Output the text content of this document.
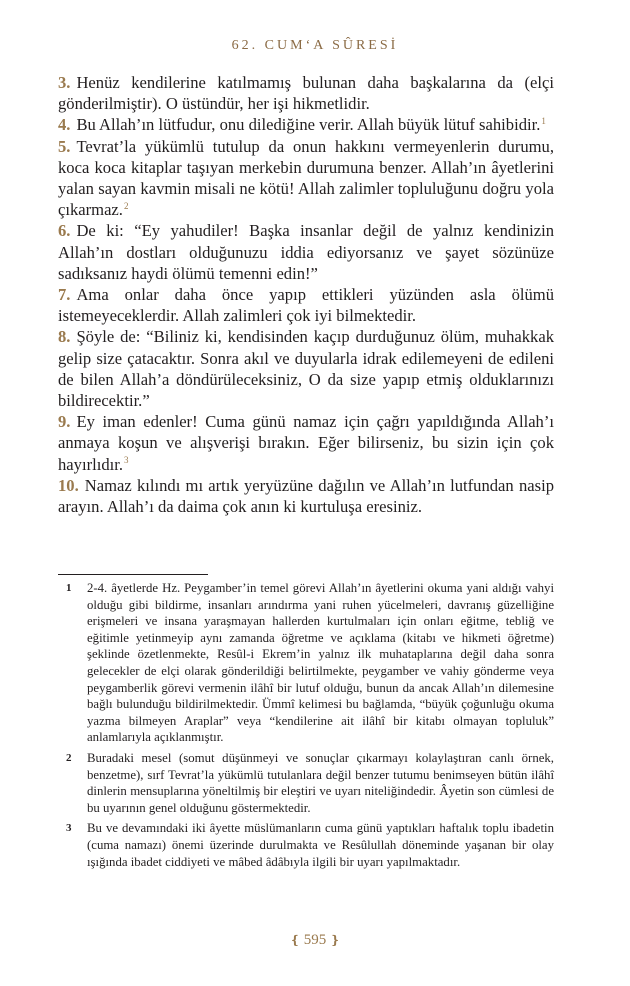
62. CUM‘A SÛRESİ

3. Henüz kendilerine katılmamış bulunan daha başkalarına da (elçi gönderilmiştir). O üstündür, her işi hikmetlidir.

4. Bu Allah’ın lütfudur, onu dilediğine verir. Allah büyük lütuf sahibidir.$^1$

5. Tevrat’la yükümlü tutulup da onun hakkını vermeyenlerin durumu, koca koca kitaplar taşıyan merkebin durumuna benzer. Allah’ın âyetlerini yalan sayan kavmin misali ne kötü! Allah zalimler topluluğunu doğru yola çıkarmaz.$^2$

6. De ki: “Ey yahudiler! Başka insanlar değil de yalnız kendinizin Allah’ın dostları olduğunuzu iddia ediyorsanız ve şayet sözünüze sadıksanız haydi ölümü temenni edin!”

7. Ama onlar daha önce yapıp ettikleri yüzünden asla ölümü istemeyeceklerdir. Allah zalimleri çok iyi bilmektedir.

8. Şöyle de: “Biliniz ki, kendisinden kaçıp durduğunuz ölüm, muhakkak gelip size çatacaktır. Sonra akıl ve duyularla idrak edilemeyeni de edileni de bilen Allah’a döndürüleceksiniz, O da size yapıp etmiş olduklarınızı bildirecektir.”

9. Ey iman edenler! Cuma günü namaz için çağrı yapıldığında Allah’ı anmaya koşun ve alışverişi bırakın. Eğer bilirseniz, bu sizin için çok hayırlıdır.$^3$

10. Namaz kılındı mı artık yeryüzüne dağılın ve Allah’ın lutfundan nasip arayın. Allah’ı da daima çok anın ki kurtuluşa eresiniz.

1	2-4. âyetlerde Hz. Peygamber’in temel görevi Allah’ın âyetlerini okuma yani aldığı vahyi olduğu gibi bildirme, insanları arındırma yani ruhen yücelmeleri, davranış güzelliğine erişmeleri ve insana yaraşmayan hallerden kurtulmaları için onları eğitme, tebliğ ve eğitimle yetinmeyip aynı zamanda öğretme ve açıklama (kitabı ve hikmeti öğretme) şeklinde özetlenmekte, Resûl-i Ekrem’in yalnız ilk muhataplarına değil daha sonra gelecekler de elçi olarak gönderildiği belirtilmekte, peygamber ve vahiy gönderme veya peygamberlik görevi vermenin ilâhî bir lutuf olduğu, bunun da ancak Allah’ın dilemesine bağlı bulunduğu bildirilmektedir. Ümmî kelimesi bu bağlamda, “büyük çoğunluğu okuma yazma bilmeyen Araplar” veya “kendilerine ait ilâhî bir kitabı olmayan topluluk” anlamlarıyla açıklanmıştır.
2	Buradaki mesel (somut düşünmeyi ve sonuçlar çıkarmayı kolaylaştıran canlı örnek, benzetme), sırf Tevrat’la yükümlü tutulanlara değil benzer tutumu benimseyen bütün ilâhî dinlerin mensuplarına yöneltilmiş bir eleştiri ve uyarı niteliğindedir. Âyetin son cümlesi de bu uyarının genel olduğunu göstermektedir.
3	Bu ve devamındaki iki âyette müslümanların cuma günü yaptıkları haftalık toplu ibadetin (cuma namazı) önemi üzerinde durulmakta ve Resûlullah döneminde yaşanan bir olay ışığında ibadet ciddiyeti ve mâbed âdâbıyla ilgili bir uyarı yapılmaktadır.
❴ 595 ❵
